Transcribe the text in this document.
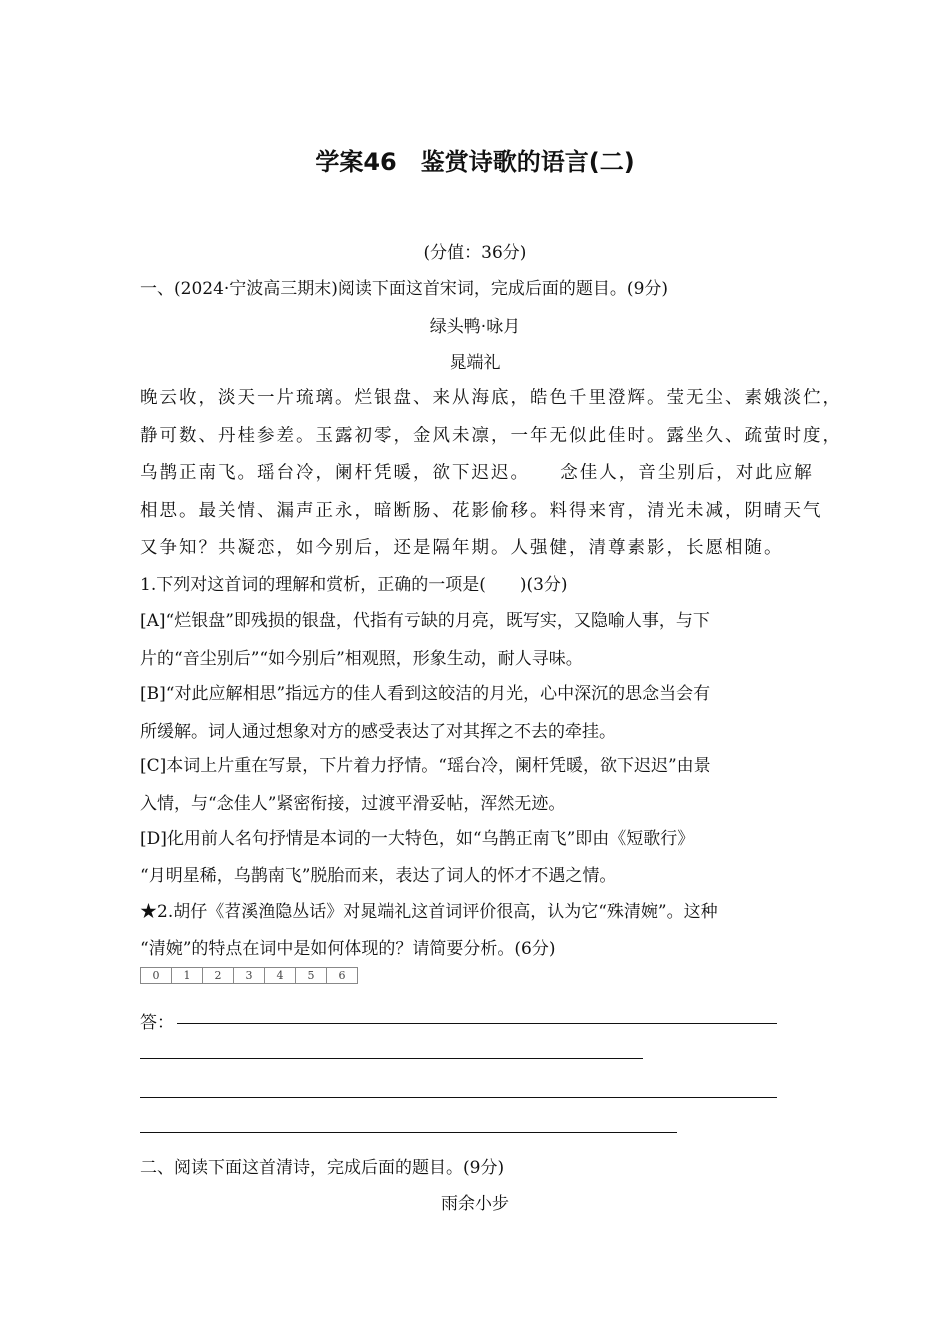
学案46　鉴赏诗歌的语言(二)
(分值：36分)
一、(2024·宁波高三期末)阅读下面这首宋词，完成后面的题目。(9分)
绿头鸭·咏月
晁端礼
晚云收，淡天一片琉璃。烂银盘、来从海底，皓色千里澄辉。莹无尘、素娥淡伫，
静可数、丹桂参差。玉露初零，金风未凛，一年无似此佳时。露坐久、疏萤时度，
乌鹊正南飞。瑶台冷，阑杆凭暖，欲下迟迟。　　念佳人，音尘别后，对此应解
相思。最关情、漏声正永，暗断肠、花影偷移。料得来宵，清光未减，阴晴天气
又争知？共凝恋，如今别后，还是隔年期。人强健，清尊素影，长愿相随。
1.下列对这首词的理解和赏析，正确的一项是(　　)(3分)
[A]“烂银盘”即残损的银盘，代指有亏缺的月亮，既写实，又隐喻人事，与下
片的“音尘别后”“如今别后”相观照，形象生动，耐人寻味。
[B]“对此应解相思”指远方的佳人看到这皎洁的月光，心中深沉的思念当会有
所缓解。词人通过想象对方的感受表达了对其挥之不去的牵挂。
[C]本词上片重在写景，下片着力抒情。“瑶台冷，阑杆凭暖，欲下迟迟”由景
入情，与“念佳人”紧密衔接，过渡平滑妥帖，浑然无迹。
[D]化用前人名句抒情是本词的一大特色，如“乌鹊正南飞”即由《短歌行》
“月明星稀，乌鹊南飞”脱胎而来，表达了词人的怀才不遇之情。
★2.胡仔《苕溪渔隐丛话》对晁端礼这首词评价很高，认为它“殊清婉”。这种
“清婉”的特点在词中是如何体现的？请简要分析。(6分)
0	1	2	3	4	5	6
答：
二、阅读下面这首清诗，完成后面的题目。(9分)
雨余小步
